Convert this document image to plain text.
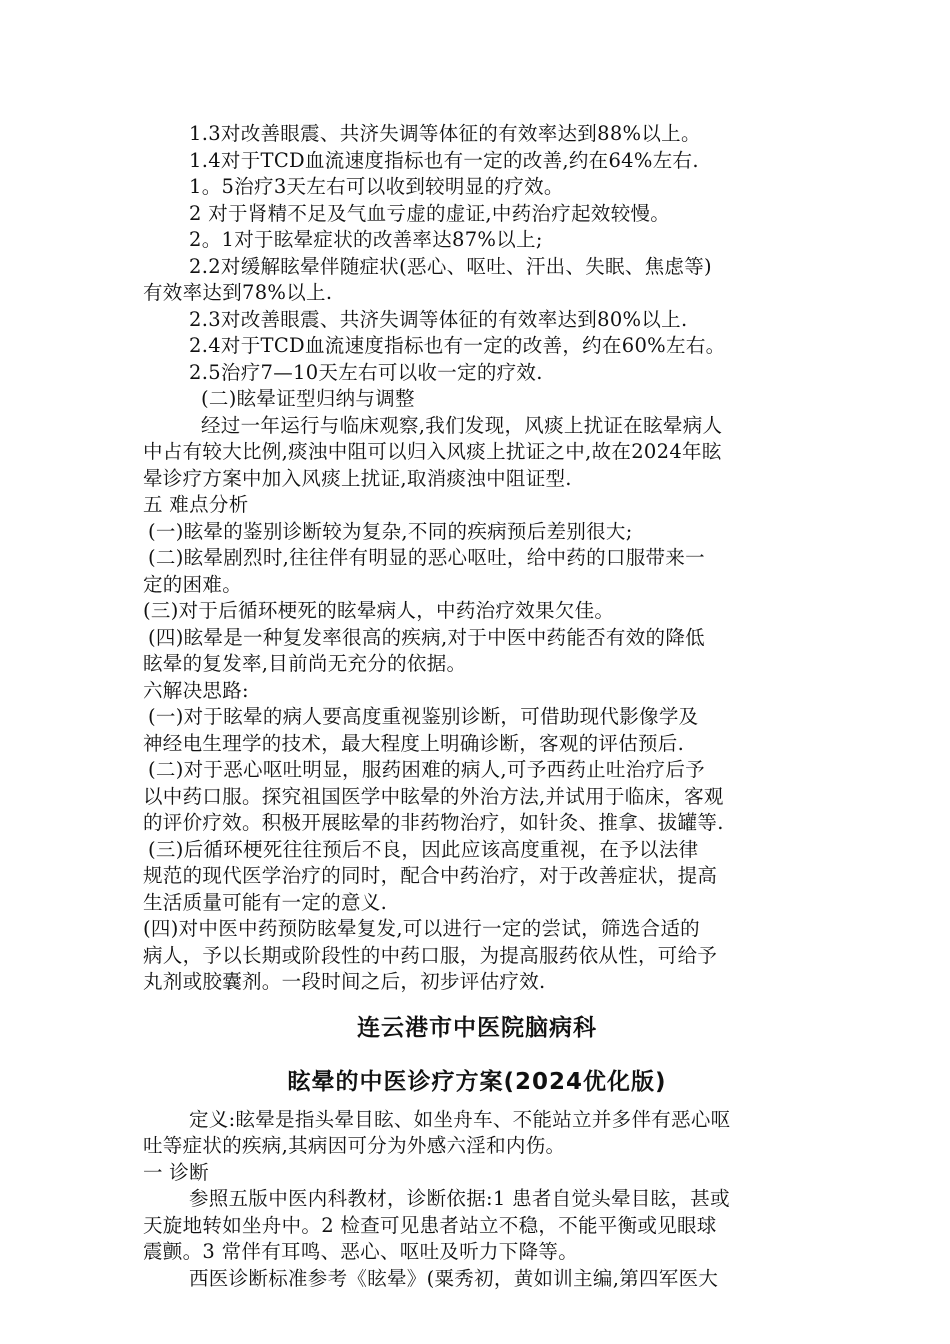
1.3对改善眼震、共济失调等体征的有效率达到88%以上。
1.4对于TCD血流速度指标也有一定的改善,约在64%左右.
1。5治疗3天左右可以收到较明显的疗效。
2 对于肾精不足及气血亏虚的虚证,中药治疗起效较慢。
2。1对于眩晕症状的改善率达87%以上;
2.2对缓解眩晕伴随症状(恶心、呕吐、汗出、失眠、焦虑等)
有效率达到78%以上.
2.3对改善眼震、共济失调等体征的有效率达到80%以上.
2.4对于TCD血流速度指标也有一定的改善，约在60%左右。
2.5治疗7—10天左右可以收一定的疗效.
(二)眩晕证型归纳与调整
经过一年运行与临床观察,我们发现，风痰上扰证在眩晕病人
中占有较大比例,痰浊中阻可以归入风痰上扰证之中,故在2024年眩
晕诊疗方案中加入风痰上扰证,取消痰浊中阻证型.
五 难点分析
(一)眩晕的鉴别诊断较为复杂,不同的疾病预后差别很大;
(二)眩晕剧烈时,往往伴有明显的恶心呕吐，给中药的口服带来一
定的困难。
(三)对于后循环梗死的眩晕病人，中药治疗效果欠佳。
(四)眩晕是一种复发率很高的疾病,对于中医中药能否有效的降低
眩晕的复发率,目前尚无充分的依据。
六解决思路:
(一)对于眩晕的病人要高度重视鉴别诊断，可借助现代影像学及
神经电生理学的技术，最大程度上明确诊断，客观的评估预后.
(二)对于恶心呕吐明显，服药困难的病人,可予西药止吐治疗后予
以中药口服。探究祖国医学中眩晕的外治方法,并试用于临床，客观
的评价疗效。积极开展眩晕的非药物治疗，如针灸、推拿、拔罐等.
(三)后循环梗死往往预后不良，因此应该高度重视，在予以法律
规范的现代医学治疗的同时，配合中药治疗，对于改善症状，提高
生活质量可能有一定的意义.
(四)对中医中药预防眩晕复发,可以进行一定的尝试，筛选合适的
病人，予以长期或阶段性的中药口服，为提高服药依从性，可给予
丸剂或胶囊剂。一段时间之后，初步评估疗效.
连云港市中医院脑病科
眩晕的中医诊疗方案(2024优化版)
定义:眩晕是指头晕目眩、如坐舟车、不能站立并多伴有恶心呕
吐等症状的疾病,其病因可分为外感六淫和内伤。
一 诊断
参照五版中医内科教材，诊断依据:1 患者自觉头晕目眩，甚或
天旋地转如坐舟中。2 检查可见患者站立不稳，不能平衡或见眼球
震颤。3 常伴有耳鸣、恶心、呕吐及听力下降等。
西医诊断标准参考《眩晕》(粟秀初，黄如训主编,第四军医大
